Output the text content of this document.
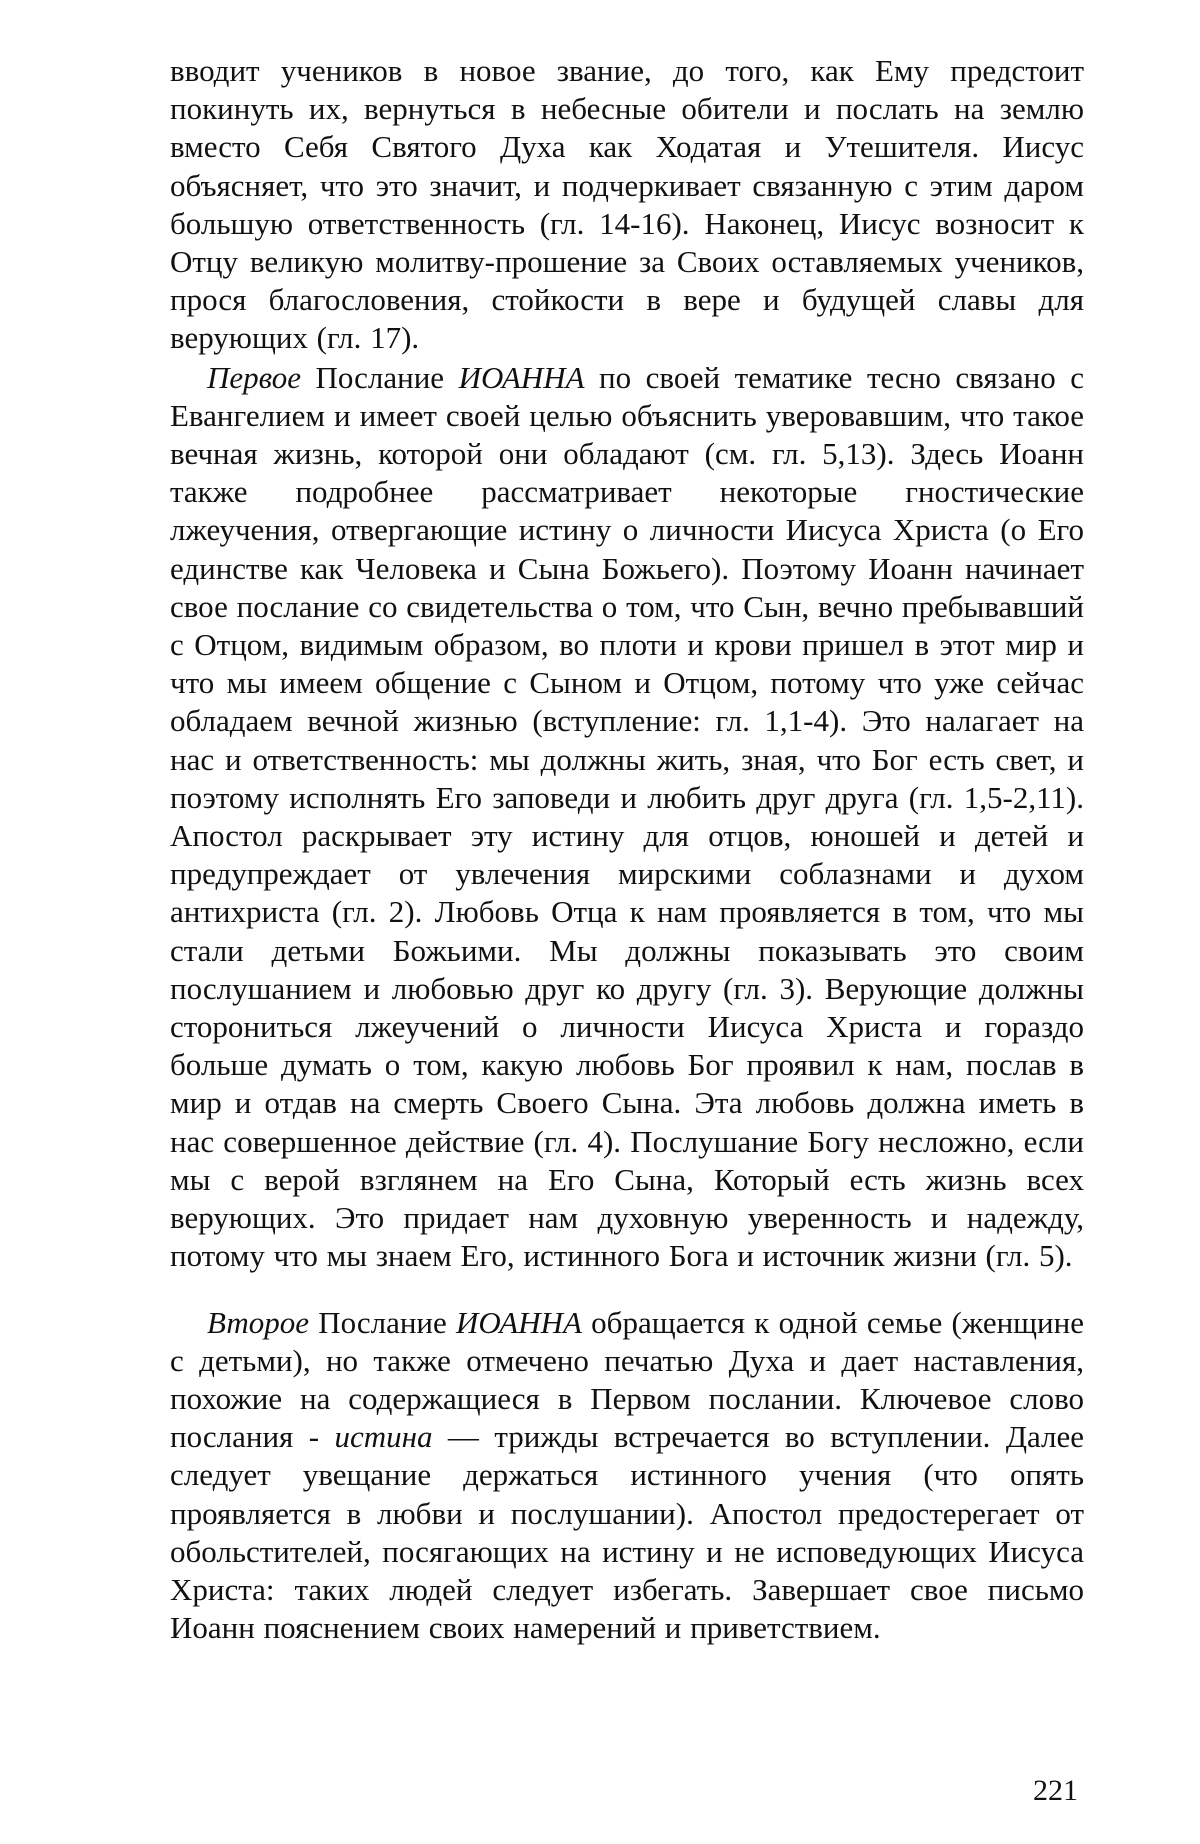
вводит учеников в новое звание, до того, как Ему предстоит покинуть их, вернуться в небесные обители и послать на землю вместо Себя Святого Духа как Ходатая и Утешителя. Иисус объясняет, что это значит, и подчеркивает связанную с этим даром большую ответственность (гл. 14-16). Наконец, Иисус возносит к Отцу великую молитву-прошение за Своих оставляемых учеников, прося благословения, стойкости в вере и будущей славы для верующих (гл. 17).

Первое Послание ИОАННА по своей тематике тесно связано с Евангелием и имеет своей целью объяснить уверовавшим, что такое вечная жизнь, которой они обладают (см. гл. 5,13). Здесь Иоанн также подробнее рассматривает некоторые гностические лжеучения, отвергающие истину о личности Иисуса Христа (о Его единстве как Человека и Сына Божьего). Поэтому Иоанн начинает свое послание со свидетельства о том, что Сын, вечно пребывавший с Отцом, видимым образом, во плоти и крови пришел в этот мир и что мы имеем общение с Сыном и Отцом, потому что уже сейчас обладаем вечной жизнью (вступление: гл. 1,1-4). Это налагает на нас и ответственность: мы должны жить, зная, что Бог есть свет, и поэтому исполнять Его заповеди и любить друг друга (гл. 1,5-2,11). Апостол раскрывает эту истину для отцов, юношей и детей и предупреждает от увлечения мирскими соблазнами и духом антихриста (гл. 2). Любовь Отца к нам проявляется в том, что мы стали детьми Божьими. Мы должны показывать это своим послушанием и любовью друг ко другу (гл. 3). Верующие должны сторониться лжеучений о личности Иисуса Христа и гораздо больше думать о том, какую любовь Бог проявил к нам, послав в мир и отдав на смерть Своего Сына. Эта любовь должна иметь в нас совершенное действие (гл. 4). Послушание Богу несложно, если мы с верой взглянем на Его Сына, Который есть жизнь всех верующих. Это придает нам духовную уверенность и надежду, потому что мы знаем Его, истинного Бога и источник жизни (гл. 5).

Второе Послание ИОАННА обращается к одной семье (женщине с детьми), но также отмечено печатью Духа и дает наставления, похожие на содержащиеся в Первом послании. Ключевое слово послания - истина — трижды встречается во вступлении. Далее следует увещание держаться истинного учения (что опять проявляется в любви и послушании). Апостол предостерегает от обольстителей, посягающих на истину и не исповедующих Иисуса Христа: таких людей следует избегать. Завершает свое письмо Иоанн пояснением своих намерений и приветствием.

221
